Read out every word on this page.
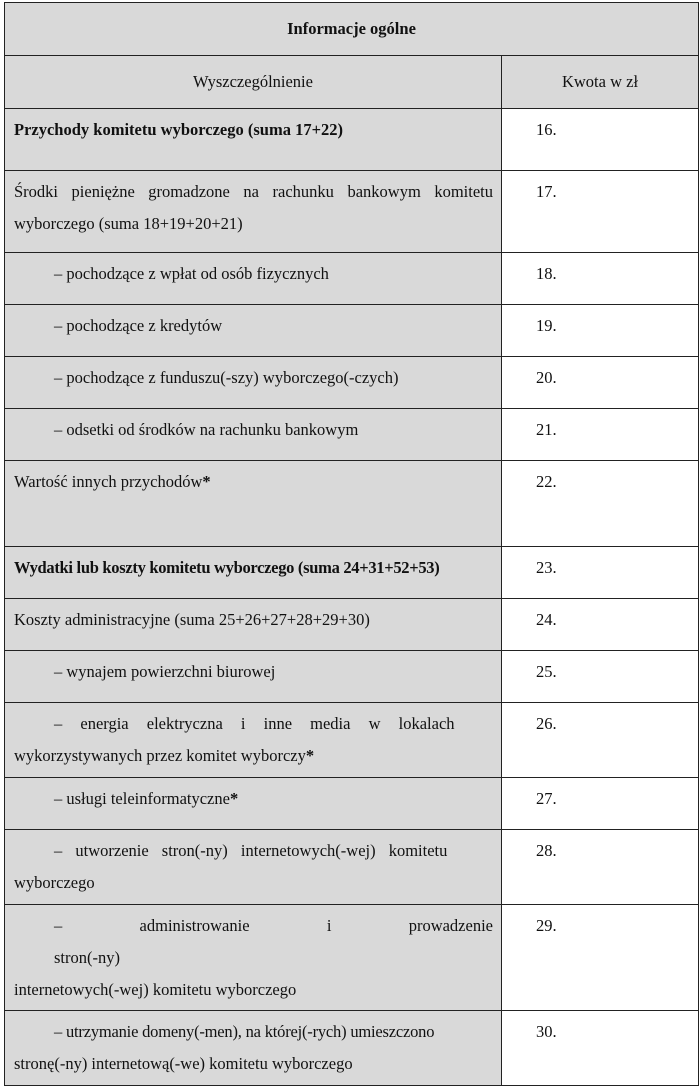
Informacje ogólne	
Wyszczególnienie	Kwota w zł
Przychody komitetu wyborczego (suma 17+22)	16.
Środki pieniężne gromadzone na rachunku bankowym komitetu wyborczego (suma 18+19+20+21)	17.
– pochodzące z wpłat od osób fizycznych	18.
– pochodzące z kredytów	19.
– pochodzące z funduszu(-szy) wyborczego(-czych)	20.
– odsetki od środków na rachunku bankowym	21.
Wartość innych przychodów*	22.
Wydatki lub koszty komitetu wyborczego (suma 24+31+52+53)	23.
Koszty administracyjne (suma 25+26+27+28+29+30)	24.
– wynajem powierzchni biurowej	25.

– energia elektryczna i inne media w lokalach
wykorzystywanych przez komitet wyborczy*	26.
– usługi teleinformatyczne*	27.

– utworzenie stron(-ny) internetowych(-wej) komitetu
wyborczego	28.

– administrowanie i prowadzenie stron(-ny)
internetowych(-wej) komitetu wyborczego	29.

– utrzymanie domeny(-men), na której(-rych) umieszczono
stronę(-ny) internetową(-we) komitetu wyborczego	30.
